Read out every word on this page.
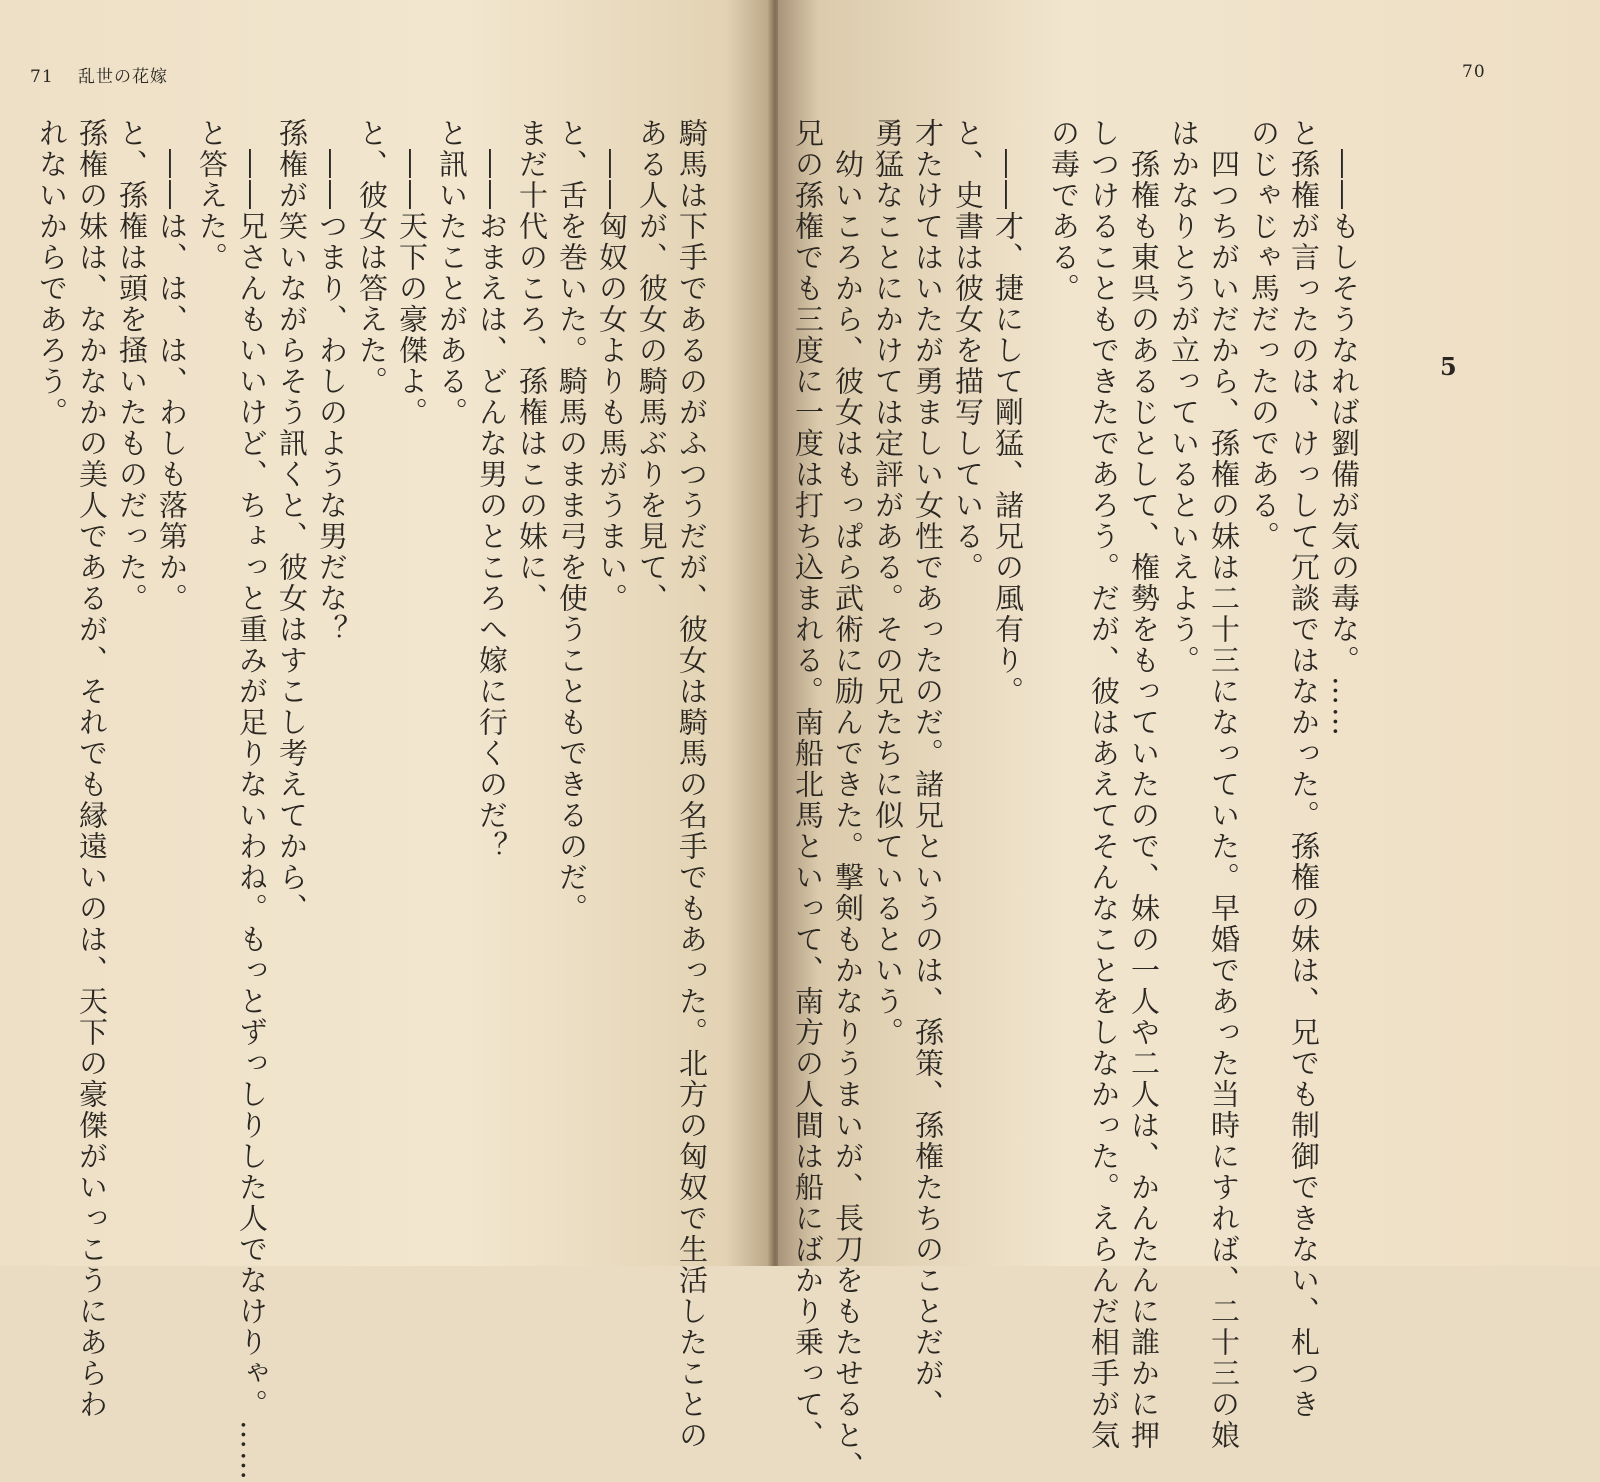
71 乱世の花嫁

騎馬は下手であるのがふつうだが、彼女は騎馬の名手でもあった。北方の匈奴で生活したことの

ある人が、彼女の騎馬ぶりを見て、

　――匈奴の女よりも馬がうまい。

と、舌を巻いた。騎馬のまま弓を使うこともできるのだ。

まだ十代のころ、孫権はこの妹に、

　――おまえは、どんな男のところへ嫁に行くのだ？

と訊いたことがある。

　――天下の豪傑よ。

と、彼女は答えた。

　――つまり、わしのような男だな？

孫権が笑いながらそう訊くと、彼女はすこし考えてから、

　――兄さんもいいけど、ちょっと重みが足りないわね。もっとずっしりした人でなけりゃ。……

と答えた。

　――は、は、は、わしも落第か。

と、孫権は頭を掻いたものだった。

孫権の妹は、なかなかの美人であるが、それでも縁遠いのは、天下の豪傑がいっこうにあらわ

れないからであろう。

70
5

　――もしそうなれば劉備が気の毒な。……

と孫権が言ったのは、けっして冗談ではなかった。孫権の妹は、兄でも制御できない、札つき

のじゃじゃ馬だったのである。

　四つちがいだから、孫権の妹は二十三になっていた。早婚であった当時にすれば、二十三の娘

はかなりとうが立っているといえよう。

　孫権も東呉のあるじとして、権勢をもっていたので、妹の一人や二人は、かんたんに誰かに押

しつけることもできたであろう。だが、彼はあえてそんなことをしなかった。えらんだ相手が気

の毒である。

　――才、捷にして剛猛、諸兄の風有り。

と、史書は彼女を描写している。

才たけてはいたが勇ましい女性であったのだ。諸兄というのは、孫策、孫権たちのことだが、

勇猛なことにかけては定評がある。その兄たちに似ているという。

　幼いころから、彼女はもっぱら武術に励んできた。撃剣もかなりうまいが、長刀をもたせると、

兄の孫権でも三度に一度は打ち込まれる。南船北馬といって、南方の人間は船にばかり乗って、
